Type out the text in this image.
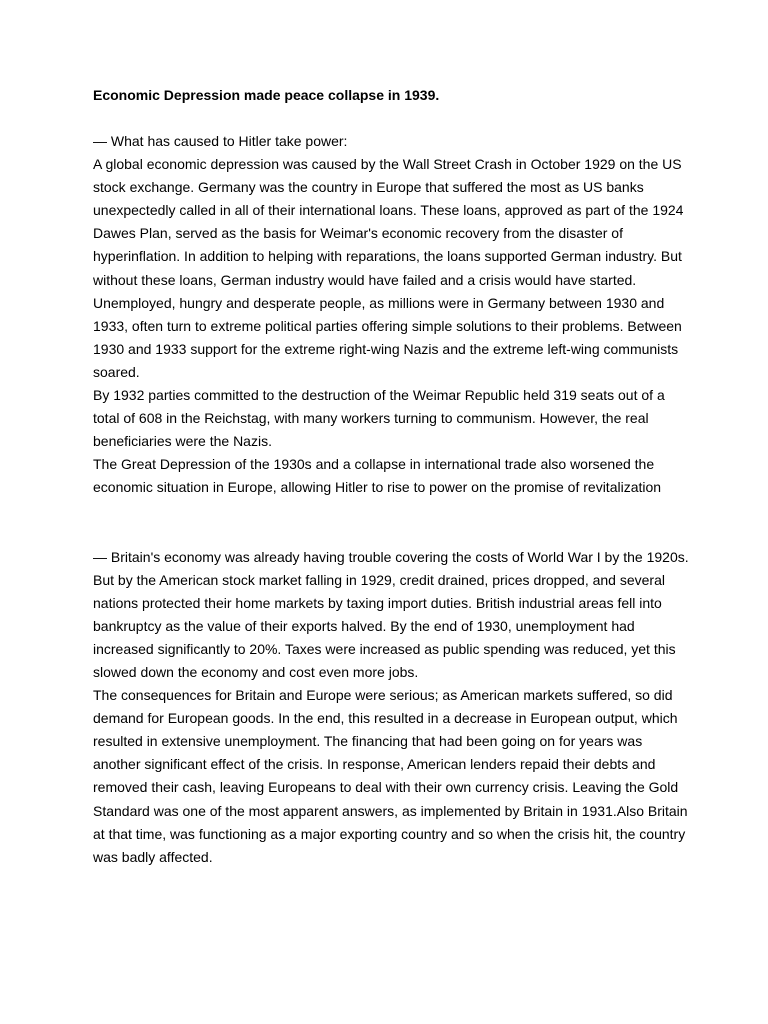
Economic Depression made peace collapse in 1939.

— What has caused to Hitler take power:

A global economic depression was caused by the Wall Street Crash in October 1929 on the US stock exchange. Germany was the country in Europe that suffered the most as US banks unexpectedly called in all of their international loans. These loans, approved as part of the 1924 Dawes Plan, served as the basis for Weimar's economic recovery from the disaster of hyperinflation. In addition to helping with reparations, the loans supported German industry. But without these loans, German industry would have failed and a crisis would have started. Unemployed, hungry and desperate people, as millions were in Germany between 1930 and 1933, often turn to extreme political parties offering simple solutions to their problems. Between 1930 and 1933 support for the extreme right-wing Nazis and the extreme left-wing communists soared.

By 1932 parties committed to the destruction of the Weimar Republic held 319 seats out of a total of 608 in the Reichstag, with many workers turning to communism. However, the real beneficiaries were the Nazis.

The Great Depression of the 1930s and a collapse in international trade also worsened the economic situation in Europe, allowing Hitler to rise to power on the promise of revitalization

— Britain's economy was already having trouble covering the costs of World War I by the 1920s. But by the American stock market falling in 1929, credit drained, prices dropped, and several nations protected their home markets by taxing import duties. British industrial areas fell into bankruptcy as the value of their exports halved. By the end of 1930, unemployment had increased significantly to 20%. Taxes were increased as public spending was reduced, yet this slowed down the economy and cost even more jobs.

The consequences for Britain and Europe were serious; as American markets suffered, so did demand for European goods. In the end, this resulted in a decrease in European output, which resulted in extensive unemployment. The financing that had been going on for years was another significant effect of the crisis. In response, American lenders repaid their debts and removed their cash, leaving Europeans to deal with their own currency crisis. Leaving the Gold Standard was one of the most apparent answers, as implemented by Britain in 1931.Also Britain at that time, was functioning as a major exporting country and so when the crisis hit, the country was badly affected.
